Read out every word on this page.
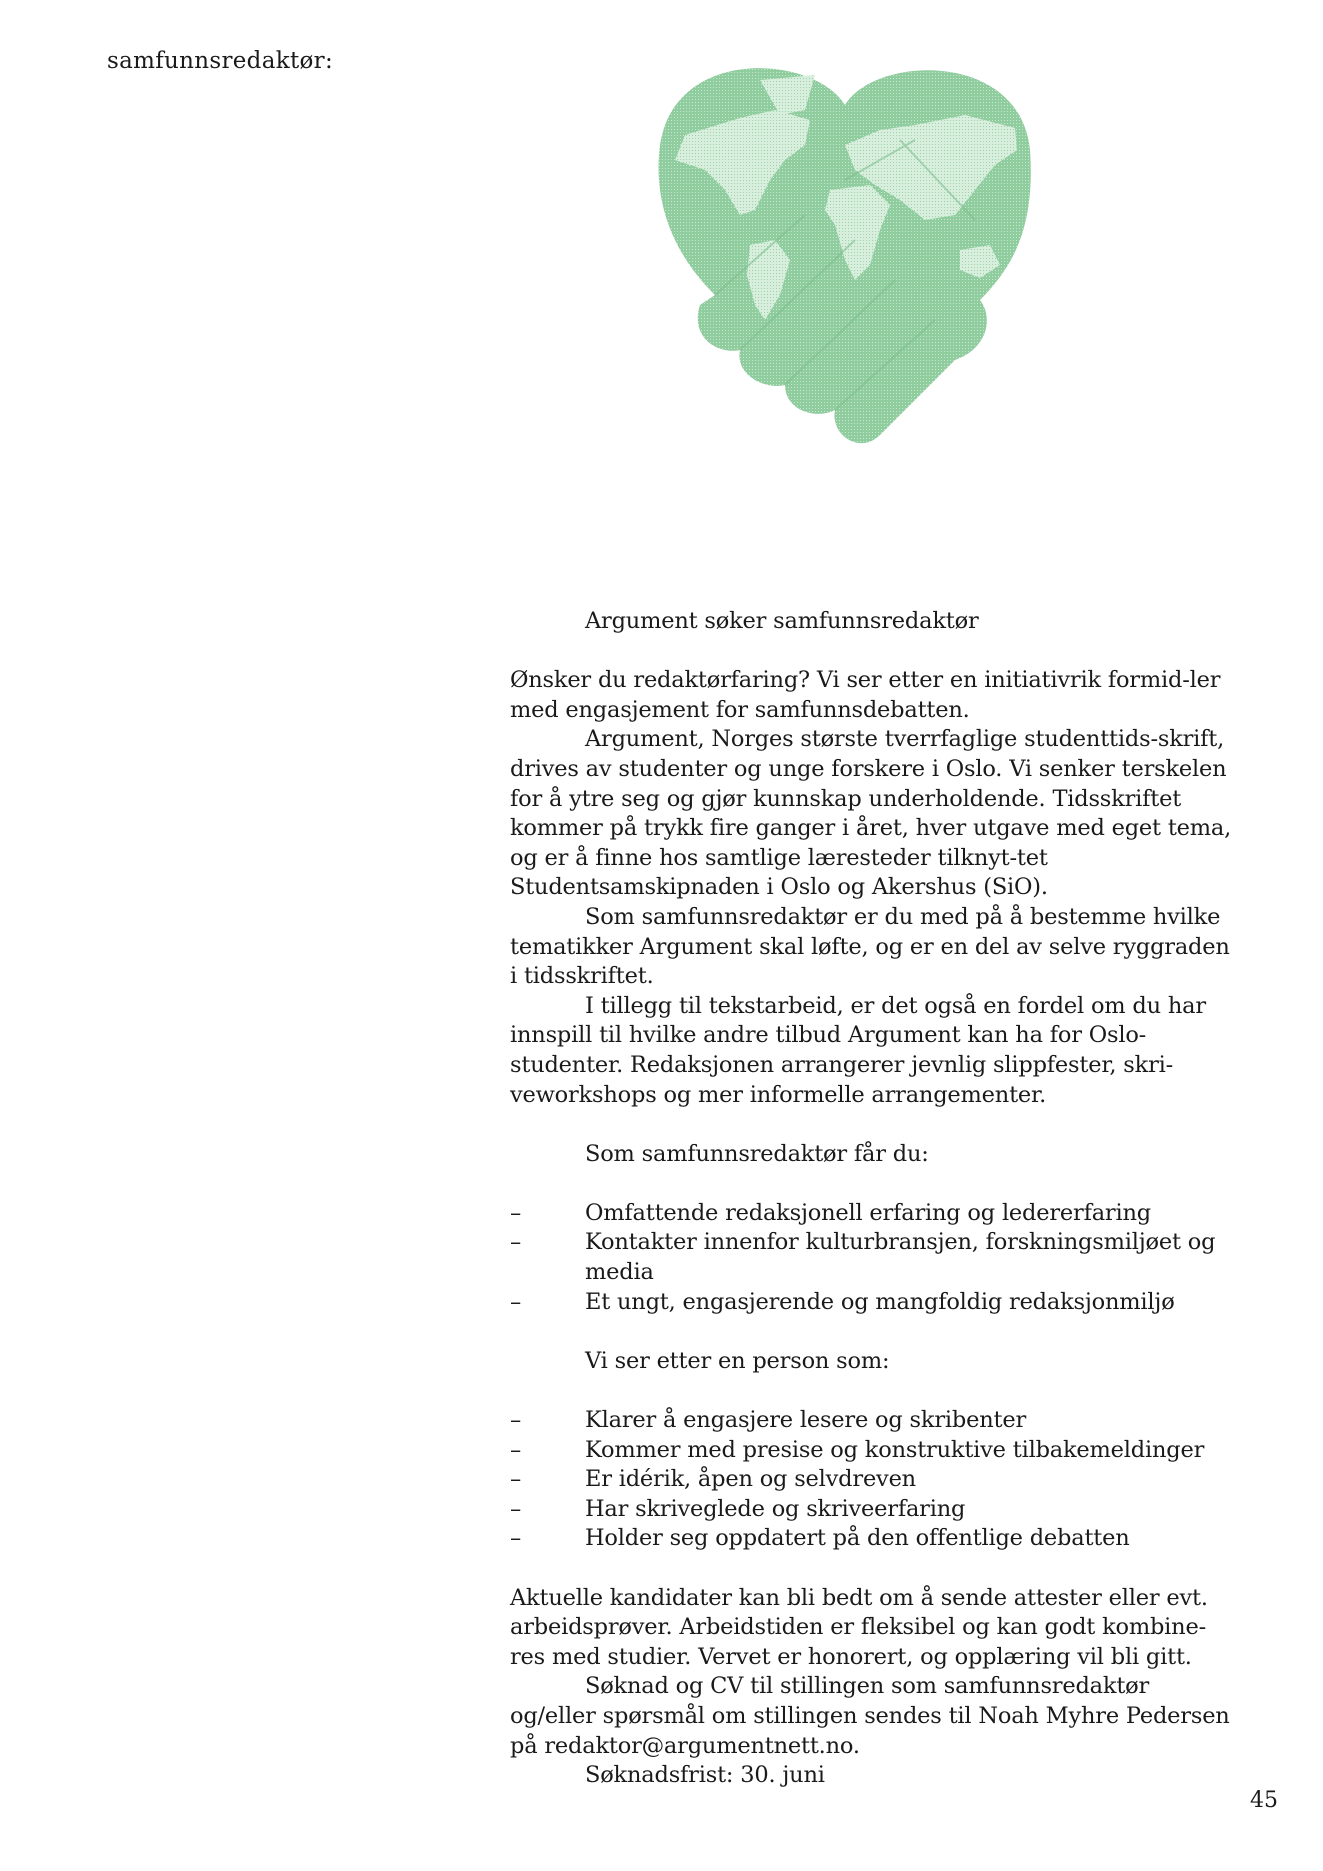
samfunnsredaktør:

Argument søker samfunnsredaktør

Ønsker du redaktørfaring? Vi ser etter en initiativrik formid-ler med engasjement for samfunnsdebatten.

Argument, Norges største tverrfaglige studenttids-skrift, drives av studenter og unge forskere i Oslo. Vi senker terskelen for å ytre seg og gjør kunnskap underholdende. Tidsskriftet kommer på trykk fire ganger i året, hver utgave med eget tema, og er å finne hos samtlige læresteder tilknyt-tet Studentsamskipnaden i Oslo og Akershus (SiO).

Som samfunnsredaktør er du med på å bestemme hvilke tematikker Argument skal løfte, og er en del av selve ryggraden i tidsskriftet.

I tillegg til tekstarbeid, er det også en fordel om du har innspill til hvilke andre tilbud Argument kan ha for Oslo-studenter. Redaksjonen arrangerer jevnlig slippfester, skri-veworkshops og mer informelle arrangementer.

Som samfunnsredaktør får du:

–	Omfattende redaksjonell erfaring og ledererfaring
–	Kontakter innenfor kulturbransjen, forskningsmiljøet og media
–	Et ungt, engasjerende og mangfoldig redaksjonmiljø

Vi ser etter en person som:

–	Klarer å engasjere lesere og skribenter
–	Kommer med presise og konstruktive tilbakemeldinger
–	Er idérik, åpen og selvdreven
–	Har skriveglede og skriveerfaring
–	Holder seg oppdatert på den offentlige debatten

Aktuelle kandidater kan bli bedt om å sende attester eller evt. arbeidsprøver. Arbeidstiden er fleksibel og kan godt kombine-res med studier. Vervet er honorert, og opplæring vil bli gitt.

Søknad og CV til stillingen som samfunnsredaktør og/eller spørsmål om stillingen sendes til Noah Myhre Pedersen på redaktor@argumentnett.no.

Søknadsfrist: 30. juni

45
